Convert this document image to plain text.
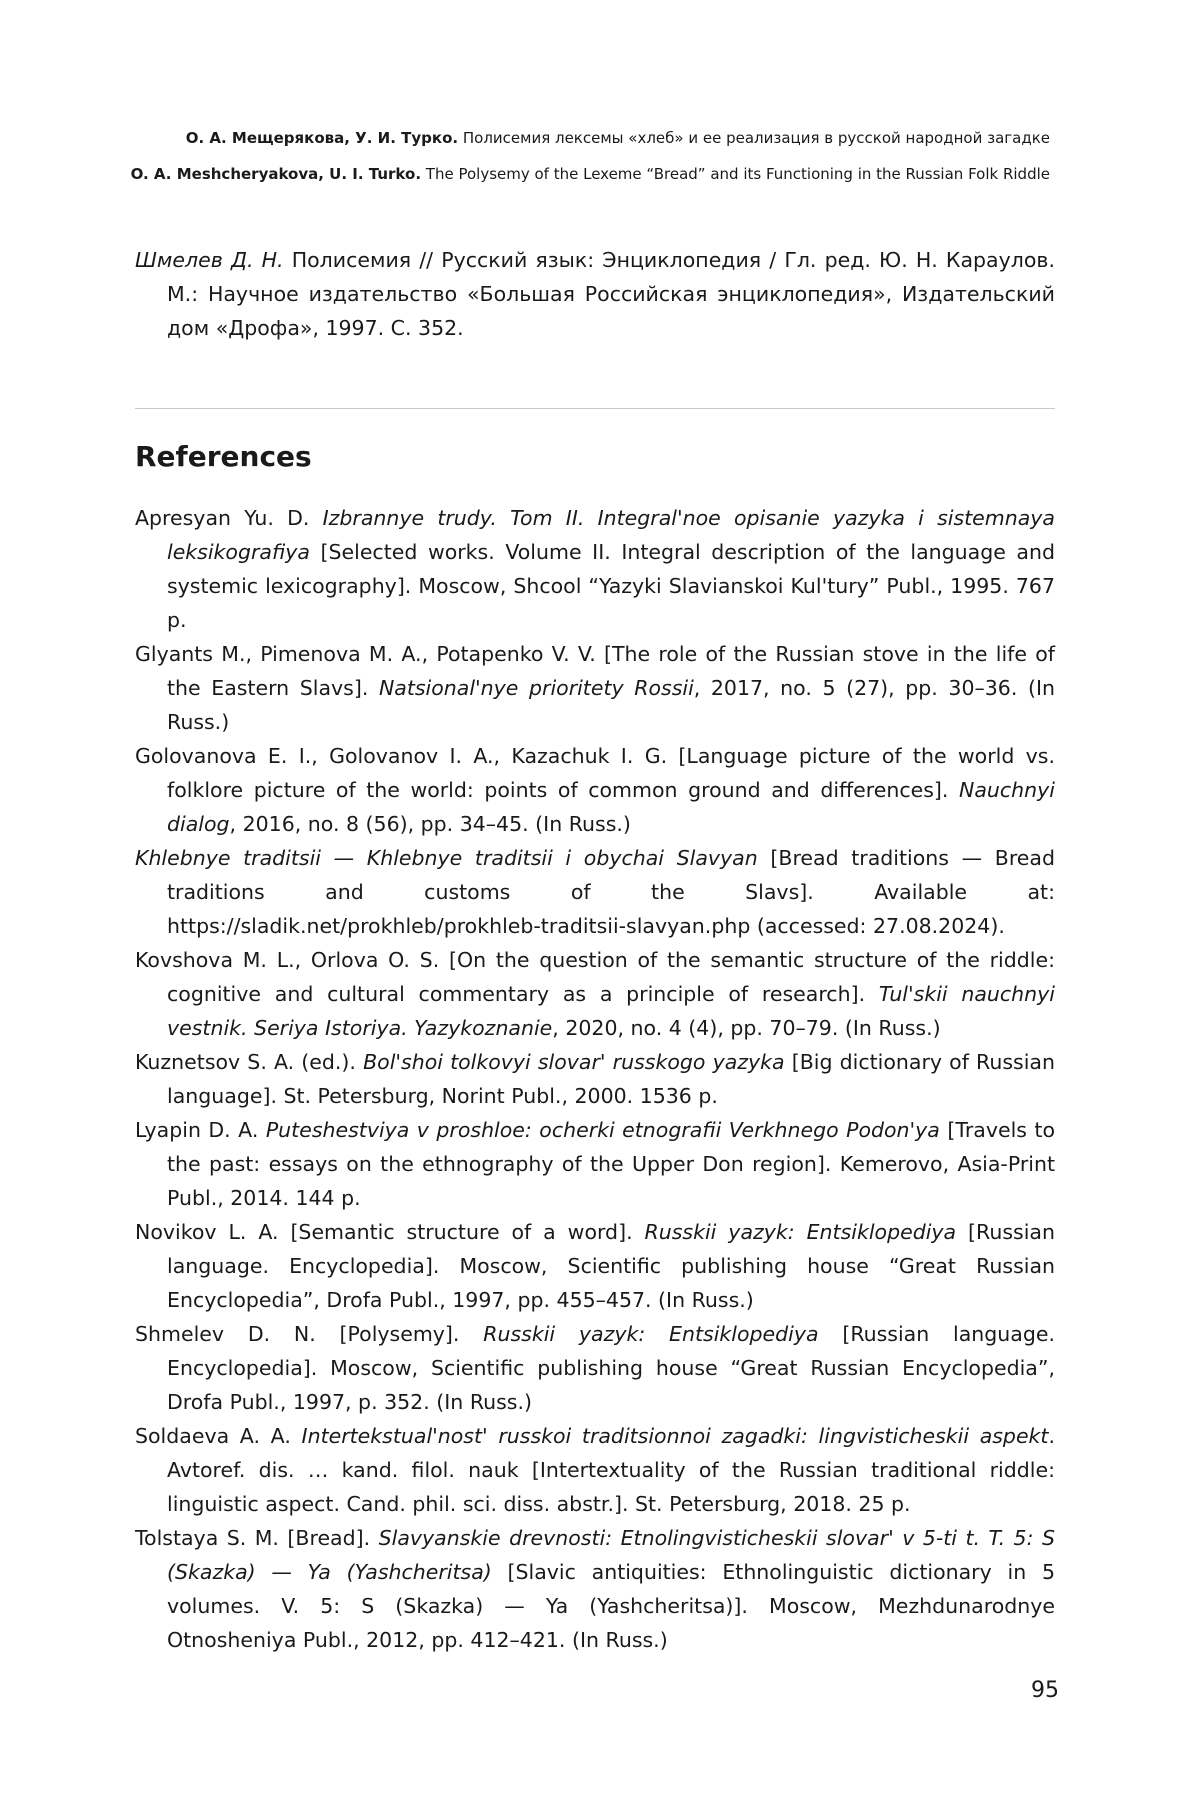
О. А. Мещерякова, У. И. Турко. Полисемия лексемы «хлеб» и ее реализация в русской народной загадке
O. A. Meshcheryakova, U. I. Turko. The Polysemy of the Lexeme “Bread” and its Functioning in the Russian Folk Riddle

Шмелев Д. Н. Полисемия // Русский язык: Энциклопедия / Гл. ред. Ю. Н. Караулов. М.: Научное издательство «Большая Российская энциклопедия», Издательский дом «Дрофа», 1997. С. 352.

References

Apresyan Yu. D. Izbrannye trudy. Tom II. Integral'noe opisanie yazyka i sistemnaya leksikografiya [Selected works. Volume II. Integral description of the language and systemic lexicography]. Moscow, Shcool “Yazyki Slavianskoi Kul'tury” Publ., 1995. 767 p.

Glyants M., Pimenova M. A., Potapenko V. V. [The role of the Russian stove in the life of the Eastern Slavs]. Natsional'nye prioritety Rossii, 2017, no. 5 (27), pp. 30–36. (In Russ.)

Golovanova E. I., Golovanov I. A., Kazachuk I. G. [Language picture of the world vs. folklore picture of the world: points of common ground and differences]. Nauchnyi dialog, 2016, no. 8 (56), pp. 34–45. (In Russ.)

Khlebnye traditsii — Khlebnye traditsii i obychai Slavyan [Bread traditions — Bread traditions and customs of the Slavs]. Available at: https://sladik.net/prokhleb/prokhleb-traditsii-slavyan.php (accessed: 27.08.2024).

Kovshova M. L., Orlova O. S. [On the question of the semantic structure of the riddle: cognitive and cultural commentary as a principle of research]. Tul'skii nauchnyi vestnik. Seriya Istoriya. Yazykoznanie, 2020, no. 4 (4), pp. 70–79. (In Russ.)

Kuznetsov S. A. (ed.). Bol'shoi tolkovyi slovar' russkogo yazyka [Big dictionary of Russian language]. St. Petersburg, Norint Publ., 2000. 1536 p.

Lyapin D. A. Puteshestviya v proshloe: ocherki etnografii Verkhnego Podon'ya [Travels to the past: essays on the ethnography of the Upper Don region]. Kemerovo, Asia-Print Publ., 2014. 144 p.

Novikov L. A. [Semantic structure of a word]. Russkii yazyk: Entsiklopediya [Russian language. Encyclopedia]. Moscow, Scientific publishing house “Great Russian Encyclopedia”, Drofa Publ., 1997, pp. 455–457. (In Russ.)

Shmelev D. N. [Polysemy]. Russkii yazyk: Entsiklopediya [Russian language. Encyclopedia]. Moscow, Scientific publishing house “Great Russian Encyclopedia”, Drofa Publ., 1997, p. 352. (In Russ.)

Soldaeva A. A. Intertekstual'nost' russkoi traditsionnoi zagadki: lingvisticheskii aspekt. Avtoref. dis. … kand. filol. nauk [Intertextuality of the Russian traditional riddle: linguistic aspect. Cand. phil. sci. diss. abstr.]. St. Petersburg, 2018. 25 p.

Tolstaya S. M. [Bread]. Slavyanskie drevnosti: Etnolingvisticheskii slovar' v 5-ti t. T. 5: S (Skazka) — Ya (Yashcheritsa) [Slavic antiquities: Ethnolinguistic dictionary in 5 volumes. V. 5: S (Skazka) — Ya (Yashcheritsa)]. Moscow, Mezhdunarodnye Otnosheniya Publ., 2012, pp. 412–421. (In Russ.)

95
